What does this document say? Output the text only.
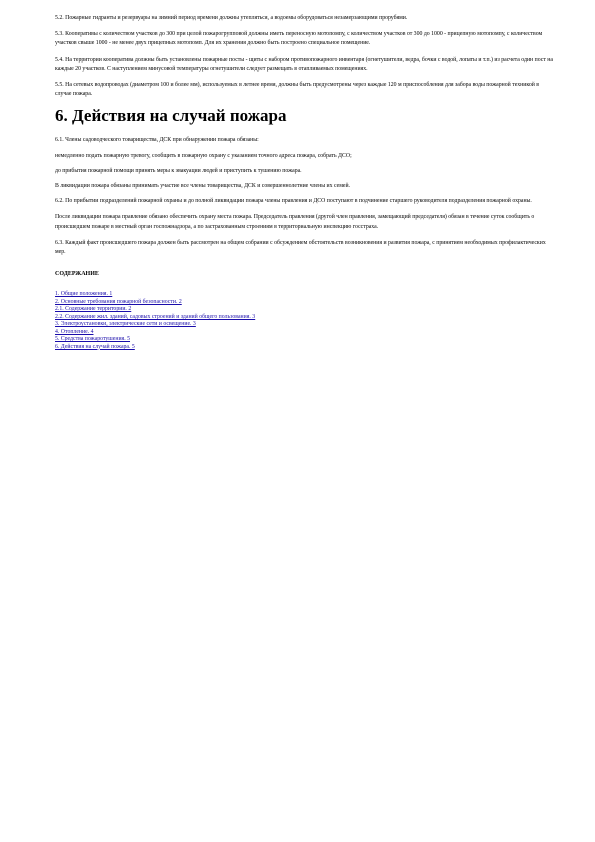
5.2. Пожарные гидранты и резервуары на зимний период времени должны утепляться, а водоемы оборудоваться незамерзающими прорубями.

5.3. Кооперативы с количеством участков до 300 при целой пожарогрупповой должны иметь переносную мотопомпу, с количеством участков от 300 до 1000 - прицепную мотопомпу, с количеством участков свыше 1000 - не менее двух прицепных мотопомп. Для их хранения должно быть построено специальное помещение.

5.4. На территории кооператива должны быть установлены пожарные посты - щиты с набором противопожарного инвентаря (огнетушители, ведра, бочки с водой, лопаты и т.п.) из расчета один пост на каждые 20 участков. С наступлением минусовой температуры огнетушители следует размещать в отапливаемых помещениях.

5.5. На сетевых водопроводах (диаметром 100 и более мм), используемых в летнее время, должны быть предусмотрены через каждые 120 м приспособления для забора воды пожарной техникой в случае пожара.

6. Действия на случай пожара

6.1. Члены садоводческого товарищества, ДСК при обнаружении пожара обязаны:

немедленно подать пожарную тревогу, сообщить в пожарную охрану с указанием точного адреса пожара, собрать ДСО;

до прибытия пожарной помощи принять меры к эвакуации людей и приступить к тушению пожара.

В ликвидации пожара обязаны принимать участие все члены товарищества, ДСК и совершеннолетние члены их семей.

6.2. По прибытии подразделений пожарной охраны и до полной ликвидации пожара члены правления и ДСО поступают в подчинение старшего руководителя подразделения пожарной охраны.

После ликвидации пожара правление обязано обеспечить охрану места пожара. Председатель правления (другой член правления, замещающий председателя) обязан в течение суток сообщить о происшедшем пожаре в местный орган госпожнадзора, а по застрахованным строениям в территориальную инспекцию госстраха.

6.3. Каждый факт происшедшего пожара должен быть рассмотрен на общем собрании с обсуждением обстоятельств возникновения и развития пожара, с принятием необходимых профилактических мер.

СОДЕРЖАНИЕ
1. Общие положения. 1
2. Основные требования пожарной безопасности. 2
2.1. Содержание территории. 2
2.2. Содержание жил. зданий, садовых строений и зданий общего пользования. 3
3. Электроустановки, электрические сети и освещение. 3
4. Отопление. 4
5. Средства пожаротушения. 5
6. Действия на случай пожара. 5
